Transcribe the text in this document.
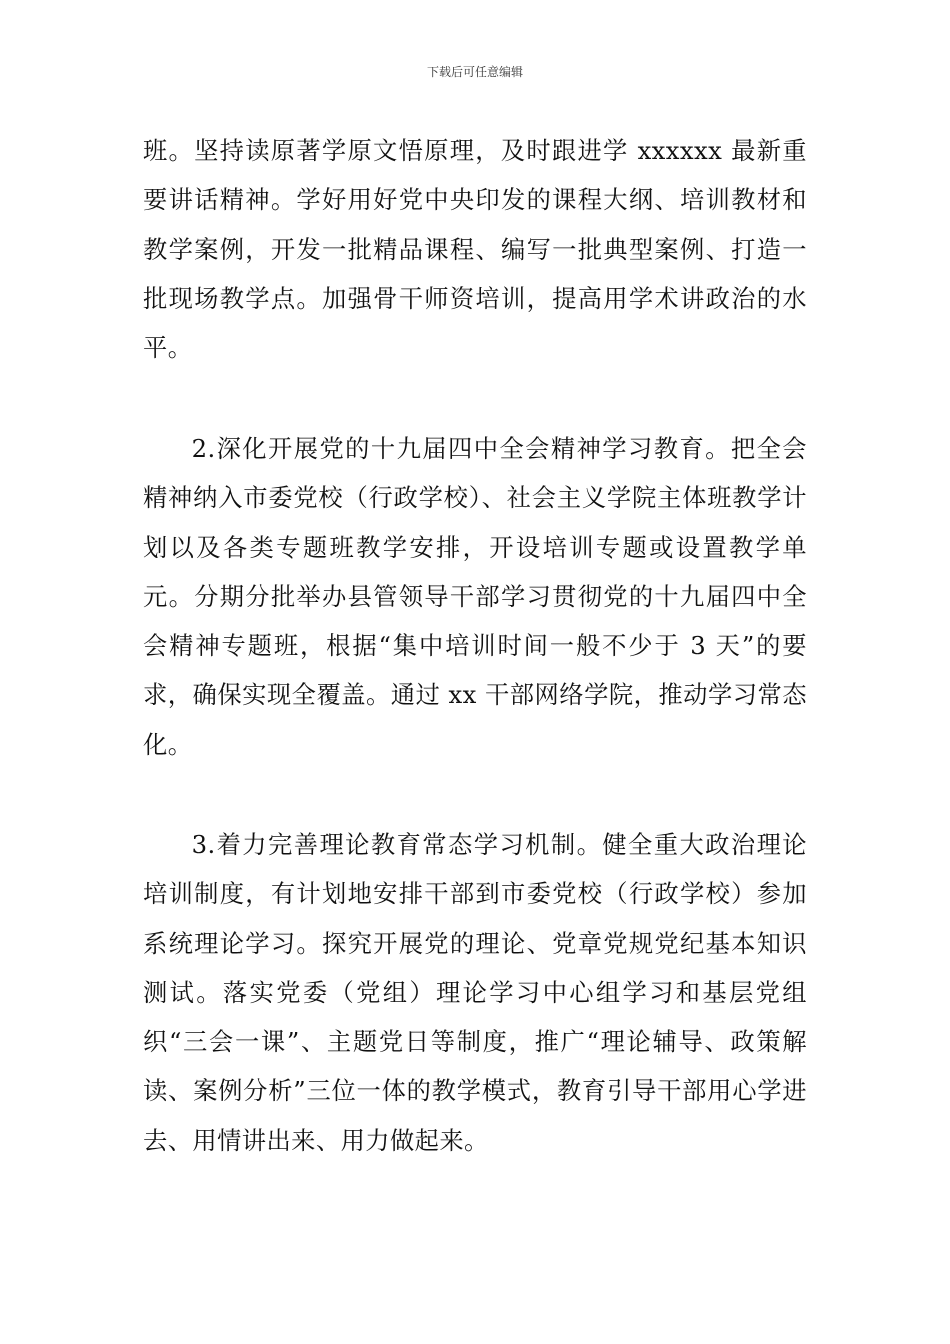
下载后可任意编辑

班。坚持读原著学原文悟原理，及时跟进学 xxxxxx 最新重要讲话精神。学好用好党中央印发的课程大纲、培训教材和教学案例，开发一批精品课程、编写一批典型案例、打造一批现场教学点。加强骨干师资培训，提高用学术讲政治的水平。

2.深化开展党的十九届四中全会精神学习教育。把全会精神纳入市委党校（行政学校）、社会主义学院主体班教学计划以及各类专题班教学安排，开设培训专题或设置教学单元。分期分批举办县管领导干部学习贯彻党的十九届四中全会精神专题班，根据“集中培训时间一般不少于 3 天”的要求，确保实现全覆盖。通过 xx 干部网络学院，推动学习常态化。

3.着力完善理论教育常态学习机制。健全重大政治理论培训制度，有计划地安排干部到市委党校（行政学校）参加系统理论学习。探究开展党的理论、党章党规党纪基本知识测试。落实党委（党组）理论学习中心组学习和基层党组织“三会一课”、主题党日等制度，推广“理论辅导、政策解读、案例分析”三位一体的教学模式，教育引导干部用心学进去、用情讲出来、用力做起来。
